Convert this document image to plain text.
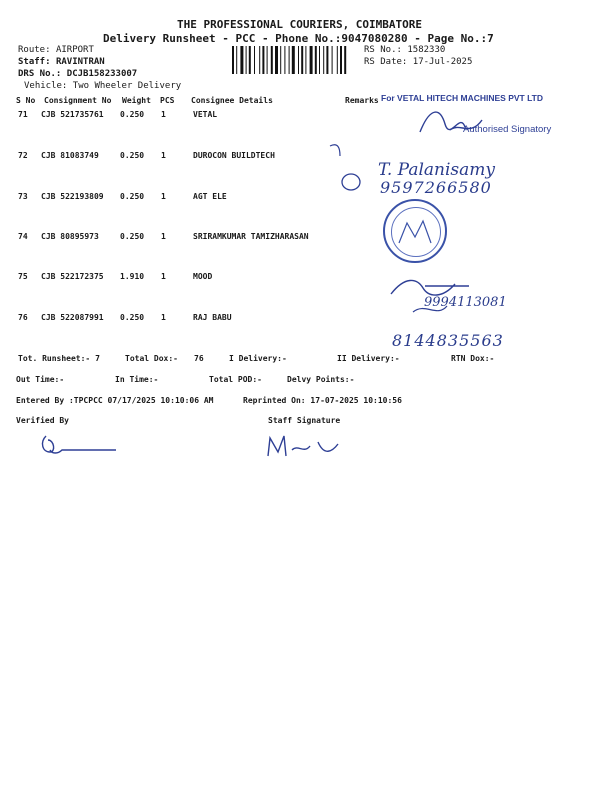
THE PROFESSIONAL COURIERS, COIMBATORE
Delivery Runsheet - PCC - Phone No.:9047080280 - Page No.:7
Route: AIRPORT
Staff: RAVINTRAN
DRS No.: DCJB158233007
Vehicle: Two Wheeler Delivery
RS No.: 1582330
RS Date: 17-Jul-2025
S No Consignment No Weight PCS Consignee Details	Remarks
71 CJB 521735761 0.250 1	VETAL
72 CJB 81083749	0.250 1	DUROCON BUILDTECH
73 CJB 522193809 0.250 1	AGT ELE
74 CJB 80895973	0.250 1	SRIRAMKUMAR TAMIZHARASAN
75 CJB 522172375 1.910 1	MOOD
76 CJB 522087991 0.250 1	RAJ BABU
For VETAL HITECH MACHINES PVT LTD
Authorised Signatory
T. Palanisamy
9597266580
9994113081
8144835563
Tot. Runsheet:- 7	Total Dox:- 76	I Delivery:-	II Delivery:-	RTN Dox:-
Out Time:-	In Time:-	Total POD:-	Delvy Points:-
Entered By :TPCPCC 07/17/2025 10:10:06 AM	Reprinted On: 17-07-2025 10:10:56
Verified By	Staff Signature
